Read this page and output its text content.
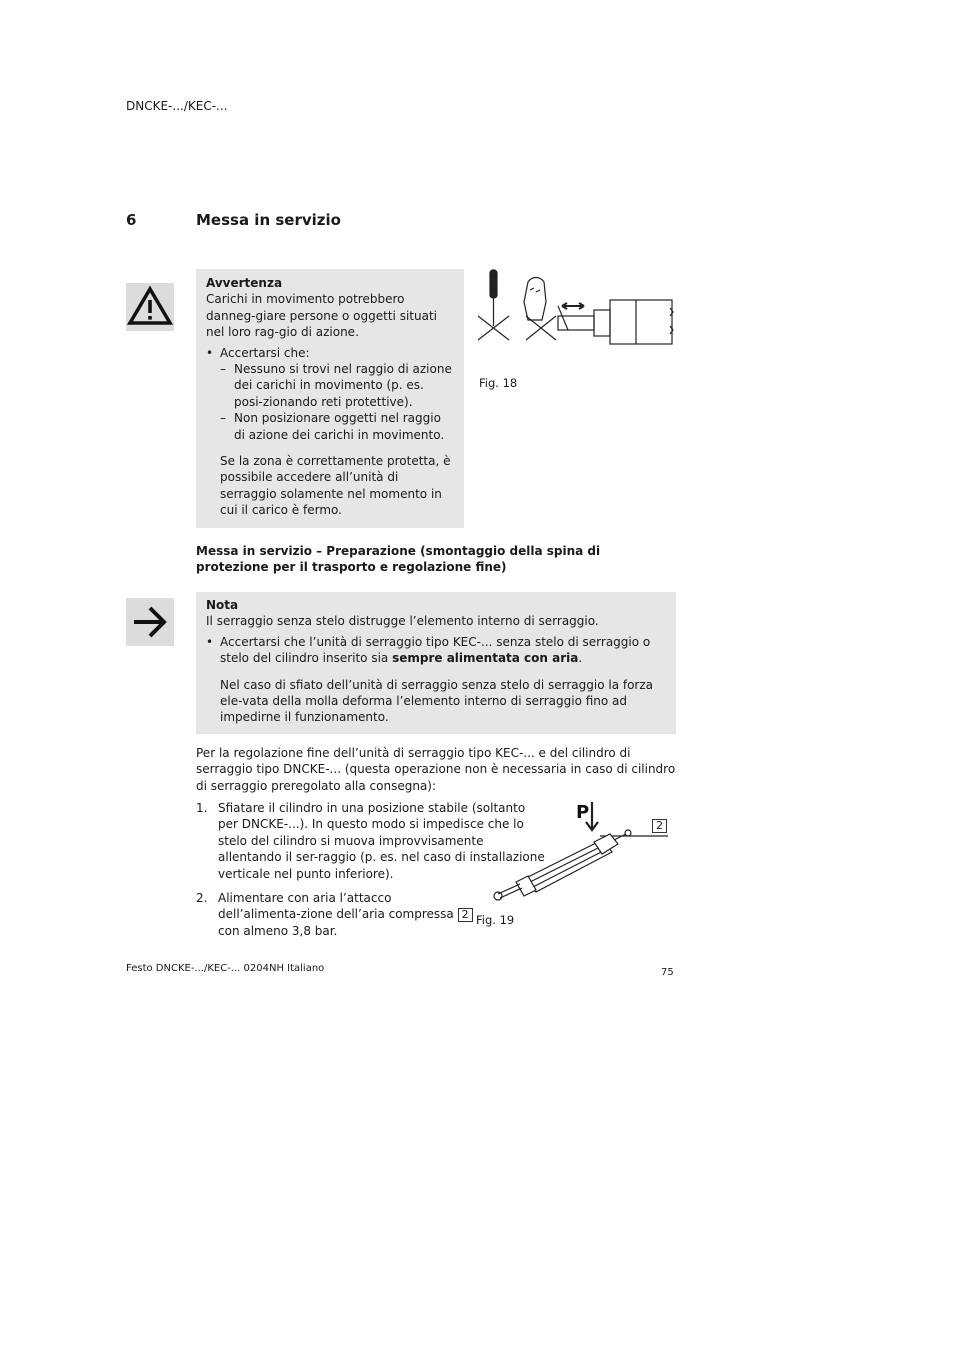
DNCKE-.../KEC-...
6	Messa in servizio

Avvertenza

Carichi in movimento potrebbero danneg-giare persone o oggetti situati nel loro rag-gio di azione.

• Accertarsi che:
– Nessuno si trovi nel raggio di azione dei carichi in movimento (p. es. posi-zionando reti protettive).
– Non posizionare oggetti nel raggio di azione dei carichi in movimento.

Se la zona è correttamente protetta, è possibile accedere all’unità di serraggio solamente nel momento in cui il carico è fermo.

Fig. 18
Messa in servizio – Preparazione (smontaggio della spina di protezione per il trasporto e regolazione fine)

Nota

Il serraggio senza stelo distrugge l’elemento interno di serraggio.

• Accertarsi che l’unità di serraggio tipo KEC-... senza stelo di serraggio o stelo del cilindro inserito sia sempre alimentata con aria.

Nel caso di sfiato dell’unità di serraggio senza stelo di serraggio la forza ele-vata della molla deforma l’elemento interno di serraggio fino ad impedirne il funzionamento.

Per la regolazione fine dell’unità di serraggio tipo KEC-... e del cilindro di serraggio tipo DNCKE-... (questa operazione non è necessaria in caso di cilindro di serraggio preregolato alla consegna):
1. Sfiatare il cilindro in una posizione stabile (soltanto per DNCKE-...). In questo modo si impedisce che lo stelo del cilindro si muova improvvisamente allentando il ser-raggio (p. es. nel caso di installazione verticale nel punto inferiore).
2. Alimentare con aria l’attacco dell’alimenta-zione dell’aria compressa 2 con almeno 3,8 bar.
P
2
Fig. 19
Festo DNCKE-.../KEC-... 0204NH Italiano	75
